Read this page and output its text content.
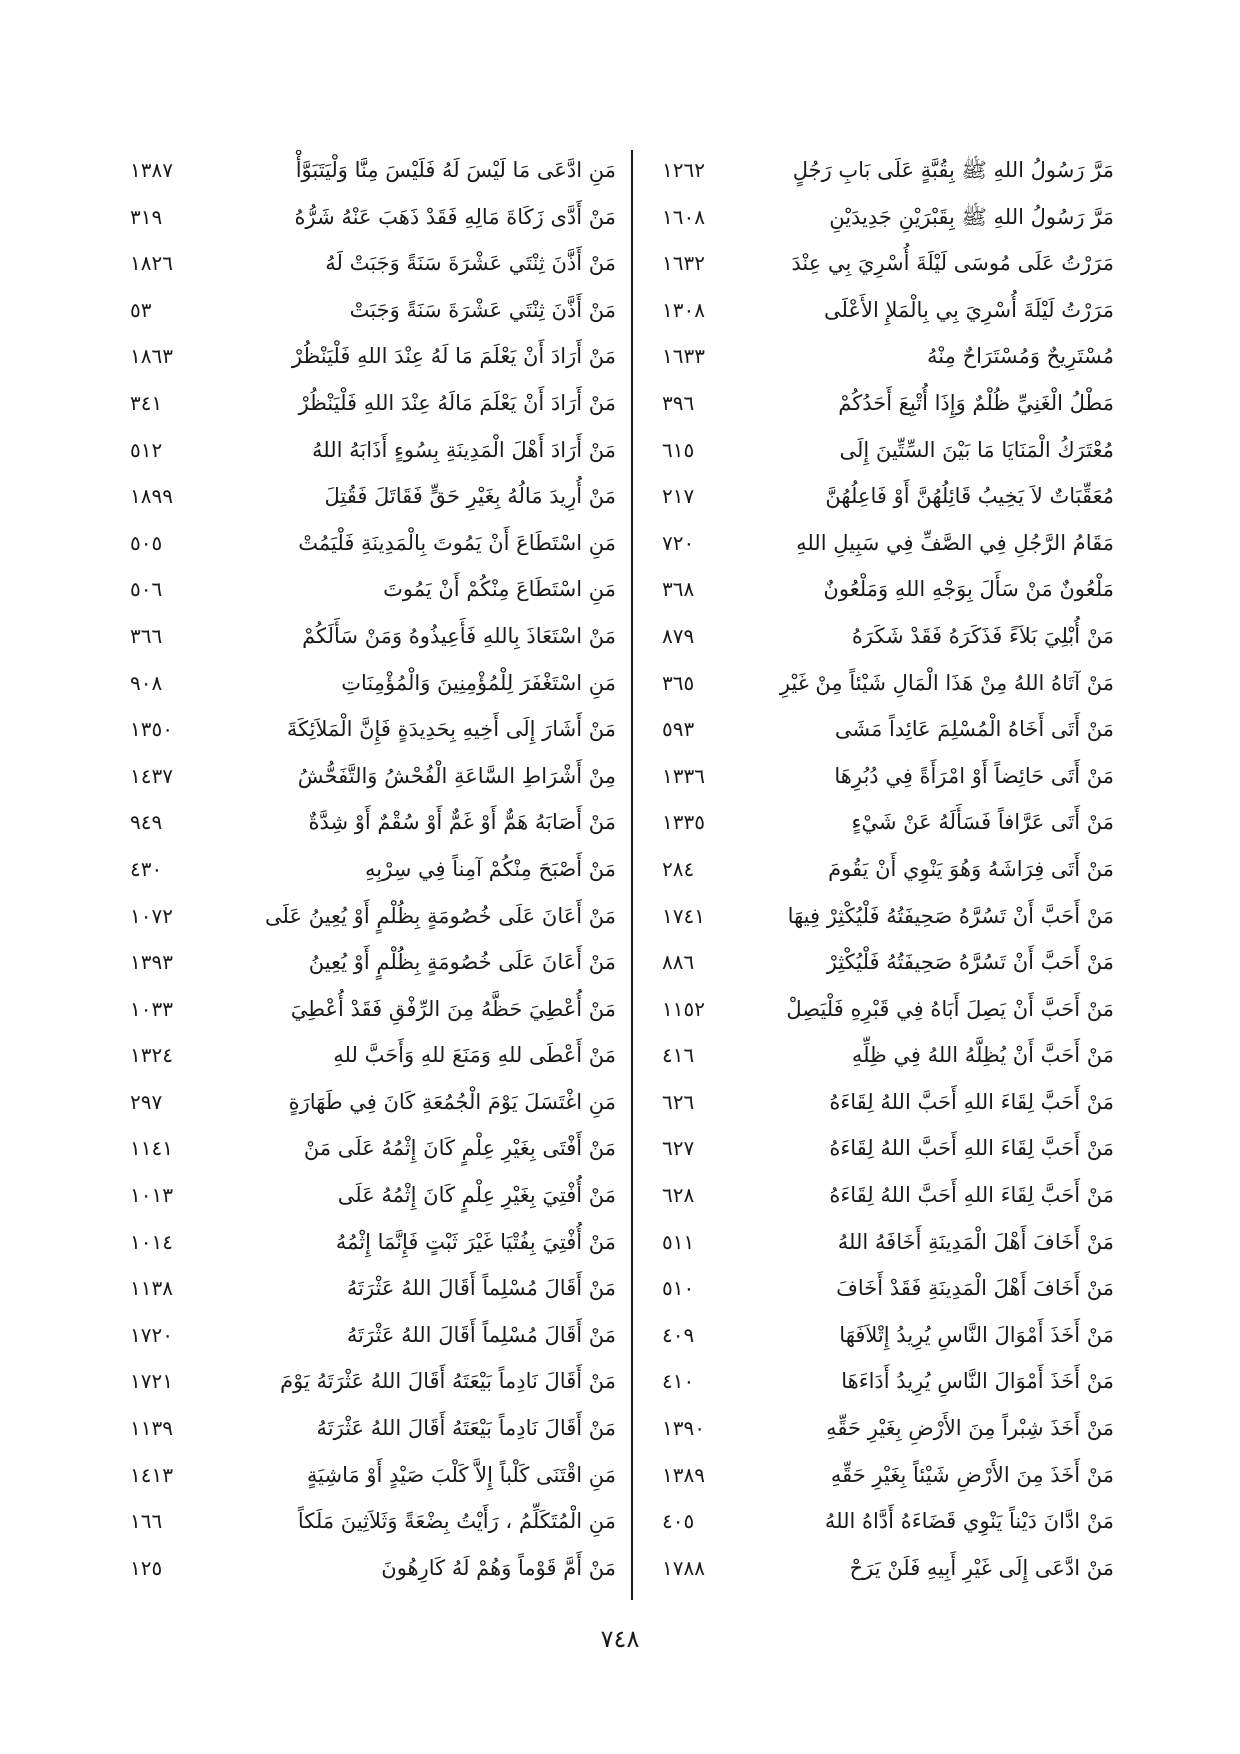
مَرَّ رَسُولُ اللهِ ﷺ بِقُبَّةٍ عَلَى بَابِ رَجُلٍ
١٢٦٢
مَرَّ رَسُولُ اللهِ ﷺ بِقَبْرَيْنِ جَدِيدَيْنِ
١٦٠٨
مَرَرْتُ عَلَى مُوسَى لَيْلَةَ أُسْرِيَ بِي عِنْدَ
١٦٣٢
مَرَرْتُ لَيْلَةَ أُسْرِيَ بِي بِالْمَلإِ الأَعْلَى
١٣٠٨
مُسْتَرِيحٌ وَمُسْتَرَاحٌ مِنْهُ
١٦٣٣
مَطْلُ الْغَنِيِّ ظُلْمٌ وَإِذَا أُتْبِعَ أَحَدُكُمْ
٣٩٦
مُعْتَرَكُ الْمَنَايَا مَا بَيْنَ السِّتِّينَ إِلَى
٦١٥
مُعَقِّبَاتٌ لاَ يَخِيبُ قَائِلُهُنَّ أَوْ فَاعِلُهُنَّ
٢١٧
مَقَامُ الرَّجُلِ فِي الصَّفِّ فِي سَبِيلِ اللهِ
٧٢٠
مَلْعُونٌ مَنْ سَأَلَ بِوَجْهِ اللهِ وَمَلْعُونٌ
٣٦٨
مَنْ أُبْلِيَ بَلاَءً فَذَكَرَهُ فَقَدْ شَكَرَهُ
٨٧٩
مَنْ آتَاهُ اللهُ مِنْ هَذَا الْمَالِ شَيْئاً مِنْ غَيْرِ
٣٦٥
مَنْ أَتَى أَخَاهُ الْمُسْلِمَ عَائِداً مَشَى
٥٩٣
مَنْ أَتَى حَائِضاً أَوْ امْرَأَةً فِي دُبُرِهَا
١٣٣٦
مَنْ أَتَى عَرَّافاً فَسَأَلَهُ عَنْ شَيْءٍ
١٣٣٥
مَنْ أَتَى فِرَاشَهُ وَهُوَ يَنْوِي أَنْ يَقُومَ
٢٨٤
مَنْ أَحَبَّ أَنْ تَسُرَّهُ صَحِيفَتُهُ فَلْيُكْثِرْ فِيهَا
١٧٤١
مَنْ أَحَبَّ أَنْ تَسُرَّهُ صَحِيفَتُهُ فَلْيُكْثِرْ
٨٨٦
مَنْ أَحَبَّ أَنْ يَصِلَ أَبَاهُ فِي قَبْرِهِ فَلْيَصِلْ
١١٥٢
مَنْ أَحَبَّ أَنْ يُظِلَّهُ اللهُ فِي ظِلِّهِ
٤١٦
مَنْ أَحَبَّ لِقَاءَ اللهِ أَحَبَّ اللهُ لِقَاءَهُ
٦٢٦
مَنْ أَحَبَّ لِقَاءَ اللهِ أَحَبَّ اللهُ لِقَاءَهُ
٦٢٧
مَنْ أَحَبَّ لِقَاءَ اللهِ أَحَبَّ اللهُ لِقَاءَهُ
٦٢٨
مَنْ أَخَافَ أَهْلَ الْمَدِينَةِ أَخَافَهُ اللهُ
٥١١
مَنْ أَخَافَ أَهْلَ الْمَدِينَةِ فَقَدْ أَخَافَ
٥١٠
مَنْ أَخَذَ أَمْوَالَ النَّاسِ يُرِيدُ إِتْلاَفَهَا
٤٠٩
مَنْ أَخَذَ أَمْوَالَ النَّاسِ يُرِيدُ أَدَاءَهَا
٤١٠
مَنْ أَخَذَ شِبْراً مِنَ الأَرْضِ بِغَيْرِ حَقِّهِ
١٣٩٠
مَنْ أَخَذَ مِنَ الأَرْضِ شَيْئاً بِغَيْرِ حَقِّهِ
١٣٨٩
مَنْ ادَّانَ دَيْناً يَنْوِي قَضَاءَهُ أَدَّاهُ اللهُ
٤٠٥
مَنْ ادَّعَى إِلَى غَيْرِ أَبِيهِ فَلَنْ يَرَحْ
١٧٨٨
مَنِ ادَّعَى مَا لَيْسَ لَهُ فَلَيْسَ مِنَّا وَلْيَتَبَوَّأْ
١٣٨٧
مَنْ أَدَّى زَكَاةَ مَالِهِ فَقَدْ ذَهَبَ عَنْهُ شَرُّهُ
٣١٩
مَنْ أَذَّنَ ثِنْتَي عَشْرَةَ سَنَةً وَجَبَتْ لَهُ
١٨٢٦
مَنْ أَذَّنَ ثِنْتَي عَشْرَةَ سَنَةً وَجَبَتْ
٥٣
مَنْ أَرَادَ أَنْ يَعْلَمَ مَا لَهُ عِنْدَ اللهِ فَلْيَنْظُرْ
١٨٦٣
مَنْ أَرَادَ أَنْ يَعْلَمَ مَالَهُ عِنْدَ اللهِ فَلْيَنْظُرْ
٣٤١
مَنْ أَرَادَ أَهْلَ الْمَدِينَةِ بِسُوءٍ أَذَابَهُ اللهُ
٥١٢
مَنْ أُرِيدَ مَالُهُ بِغَيْرِ حَقٍّ فَقَاتَلَ فَقُتِلَ
١٨٩٩
مَنِ اسْتَطَاعَ أَنْ يَمُوتَ بِالْمَدِينَةِ فَلْيَمُتْ
٥٠٥
مَنِ اسْتَطَاعَ مِنْكُمْ أَنْ يَمُوتَ
٥٠٦
مَنْ اسْتَعَاذَ بِاللهِ فَأَعِيذُوهُ وَمَنْ سَأَلَكُمْ
٣٦٦
مَنِ اسْتَغْفَرَ لِلْمُؤْمِنِينَ وَالْمُؤْمِنَاتِ
٩٠٨
مَنْ أَشَارَ إِلَى أَخِيهِ بِحَدِيدَةٍ فَإِنَّ الْمَلاَئِكَةَ
١٣٥٠
مِنْ أَشْرَاطِ السَّاعَةِ الْفُحْشُ وَالتَّفَحُّشُ
١٤٣٧
مَنْ أَصَابَهُ هَمٌّ أَوْ غَمٌّ أَوْ سُقْمٌ أَوْ شِدَّةٌ
٩٤٩
مَنْ أَصْبَحَ مِنْكُمْ آمِناً فِي سِرْبِهِ
٤٣٠
مَنْ أَعَانَ عَلَى خُصُومَةٍ بِظُلْمٍ أَوْ يُعِينُ عَلَى
١٠٧٢
مَنْ أَعَانَ عَلَى خُصُومَةٍ بِظُلْمٍ أَوْ يُعِينُ
١٣٩٣
مَنْ أُعْطِيَ حَظَّهُ مِنَ الرِّفْقِ فَقَدْ أُعْطِيَ
١٠٣٣
مَنْ أَعْطَى للهِ وَمَنَعَ للهِ وَأَحَبَّ للهِ
١٣٢٤
مَنِ اغْتَسَلَ يَوْمَ الْجُمُعَةِ كَانَ فِي طَهَارَةٍ
٢٩٧
مَنْ أَفْتَى بِغَيْرِ عِلْمٍ كَانَ إِثْمُهُ عَلَى مَنْ
١١٤١
مَنْ أُفْتِيَ بِغَيْرِ عِلْمٍ كَانَ إِثْمُهُ عَلَى
١٠١٣
مَنْ أُفْتِيَ بِفُتْيَا غَيْرَ ثَبْتٍ فَإِنَّمَا إِثْمُهُ
١٠١٤
مَنْ أَقَالَ مُسْلِماً أَقَالَ اللهُ عَثْرَتَهُ
١١٣٨
مَنْ أَقَالَ مُسْلِماً أَقَالَ اللهُ عَثْرَتَهُ
١٧٢٠
مَنْ أَقَالَ نَادِماً بَيْعَتَهُ أَقَالَ اللهُ عَثْرَتَهُ يَوْمَ
١٧٢١
مَنْ أَقَالَ نَادِماً بَيْعَتَهُ أَقَالَ اللهُ عَثْرَتَهُ
١١٣٩
مَنِ اقْتَنَى كَلْباً إِلاَّ كَلْبَ صَيْدٍ أَوْ مَاشِيَةٍ
١٤١٣
مَنِ الْمُتَكَلِّمُ ، رَأَيْتُ بِضْعَةً وَثَلاَثِينَ مَلَكاً
١٦٦
مَنْ أَمَّ قَوْماً وَهُمْ لَهُ كَارِهُونَ
١٢٥
٧٤٨
